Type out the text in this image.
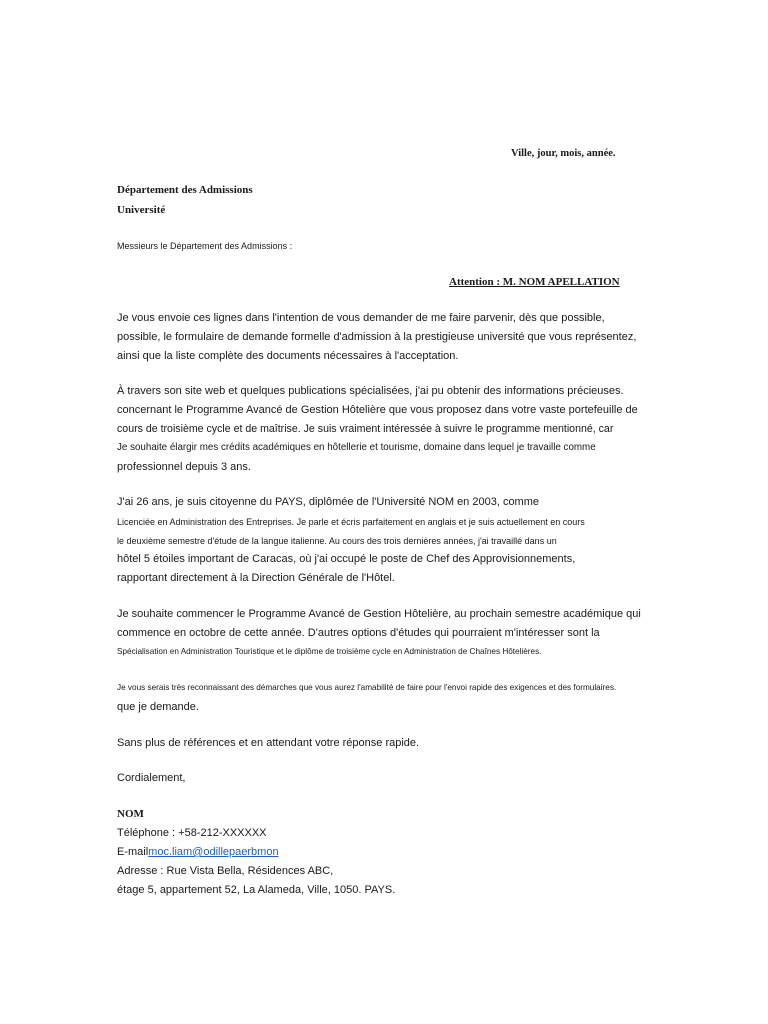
Ville, jour, mois, année.
Département des Admissions
Université
Messieurs le Département des Admissions :
Attention : M. NOM APELLATION
Je vous envoie ces lignes dans l'intention de vous demander de me faire parvenir, dès que possible,
possible, le formulaire de demande formelle d'admission à la prestigieuse université que vous représentez,
ainsi que la liste complète des documents nécessaires à l'acceptation.
À travers son site web et quelques publications spécialisées, j'ai pu obtenir des informations précieuses.
concernant le Programme Avancé de Gestion Hôtelière que vous proposez dans votre vaste portefeuille de
cours de troisième cycle et de maîtrise. Je suis vraiment intéressée à suivre le programme mentionné, car
Je souhaite élargir mes crédits académiques en hôtellerie et tourisme, domaine dans lequel je travaille comme
professionnel depuis 3 ans.
J'ai 26 ans, je suis citoyenne du PAYS, diplômée de l'Université NOM en 2003, comme
Licenciée en Administration des Entreprises. Je parle et écris parfaitement en anglais et je suis actuellement en cours
le deuxième semestre d'étude de la langue italienne. Au cours des trois dernières années, j'ai travaillé dans un
hôtel 5 étoiles important de Caracas, où j'ai occupé le poste de Chef des Approvisionnements,
rapportant directement à la Direction Générale de l'Hôtel.
Je souhaite commencer le Programme Avancé de Gestion Hôtelière, au prochain semestre académique qui
commence en octobre de cette année. D'autres options d'études qui pourraient m'intéresser sont la
Spécialisation en Administration Touristique et le diplôme de troisième cycle en Administration de Chaînes Hôtelières.
Je vous serais très reconnaissant des démarches que vous aurez l'amabilité de faire pour l'envoi rapide des exigences et des formulaires.
que je demande.
Sans plus de références et en attendant votre réponse rapide.
Cordialement,
NOM
Téléphone : +58-212-XXXXXX
E-mailmoc.liam@odillepaerbmon
Adresse : Rue Vista Bella, Résidences ABC,
étage 5, appartement 52, La Alameda, Ville, 1050. PAYS.
